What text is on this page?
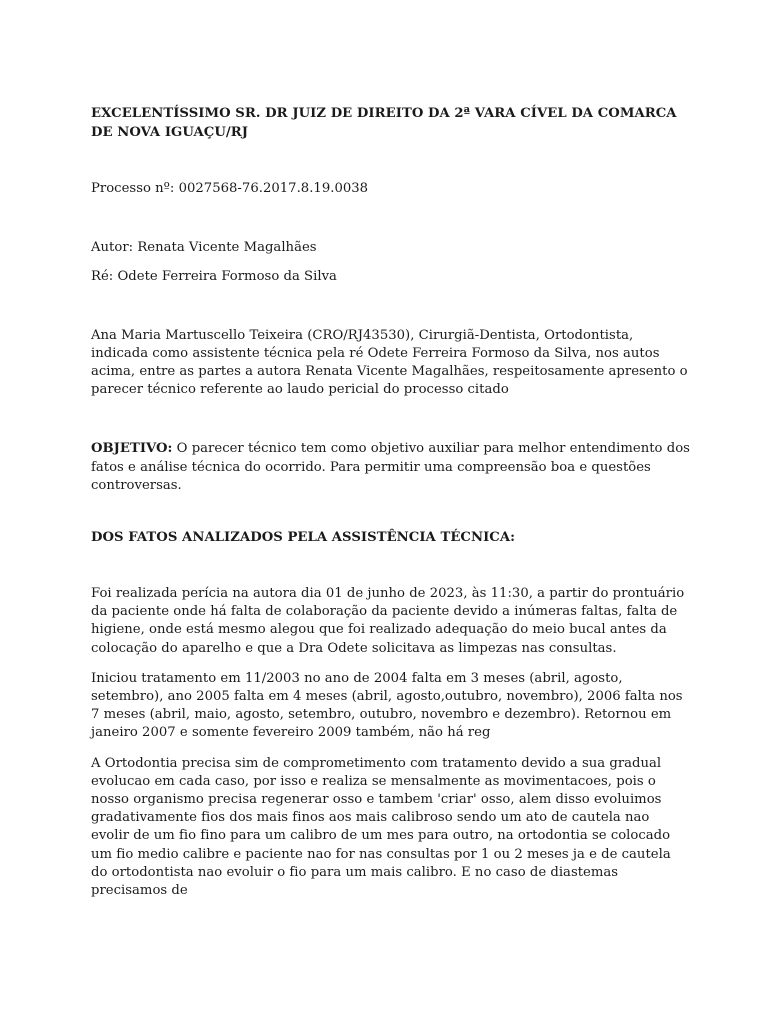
EXCELENTÍSSIMO SR. DR JUIZ DE DIREITO DA 2ª VARA CÍVEL DA COMARCA DE NOVA IGUAÇU/RJ

Processo nº: 0027568-76.2017.8.19.0038

Autor: Renata Vicente Magalhães

Ré: Odete Ferreira Formoso da Silva

Ana Maria Martuscello Teixeira (CRO/RJ43530), Cirurgiã-Dentista, Ortodontista, indicada como assistente técnica pela ré Odete Ferreira Formoso da Silva, nos autos acima, entre as partes a autora Renata Vicente Magalhães, respeitosamente apresento o parecer técnico referente ao laudo pericial do processo citado

OBJETIVO: O parecer técnico tem como objetivo auxiliar para melhor entendimento dos fatos e análise técnica do ocorrido. Para permitir uma compreensão boa e questões controversas.

DOS FATOS ANALIZADOS PELA ASSISTÊNCIA TÉCNICA:

Foi realizada perícia na autora dia 01 de junho de 2023, às 11:30, a partir do prontuário da paciente onde há falta de colaboração da paciente devido a inúmeras faltas, falta de higiene, onde está mesmo alegou que foi realizado adequação do meio bucal antes da colocação do aparelho e que a Dra Odete solicitava as limpezas nas consultas.

Iniciou tratamento em 11/2003 no ano de 2004 falta em 3 meses (abril, agosto, setembro), ano 2005 falta em 4 meses (abril, agosto,outubro, novembro), 2006 falta nos 7 meses (abril, maio, agosto, setembro, outubro, novembro e dezembro). Retornou em janeiro 2007 e somente fevereiro 2009 também, não há reg

A Ortodontia precisa sim de comprometimento com tratamento devido a sua gradual evolucao em cada caso, por isso e realiza se mensalmente as movimentacoes, pois o nosso organismo precisa regenerar osso e tambem 'criar' osso, alem disso evoluimos gradativamente fios dos mais finos aos mais calibroso sendo um ato de cautela nao evolir de um fio fino para um calibro de um mes para outro, na ortodontia se colocado um fio medio calibre e paciente nao for nas consultas por 1 ou 2 meses ja e de cautela do ortodontista nao evoluir o fio para um mais calibro. E no caso de diastemas precisamos de
